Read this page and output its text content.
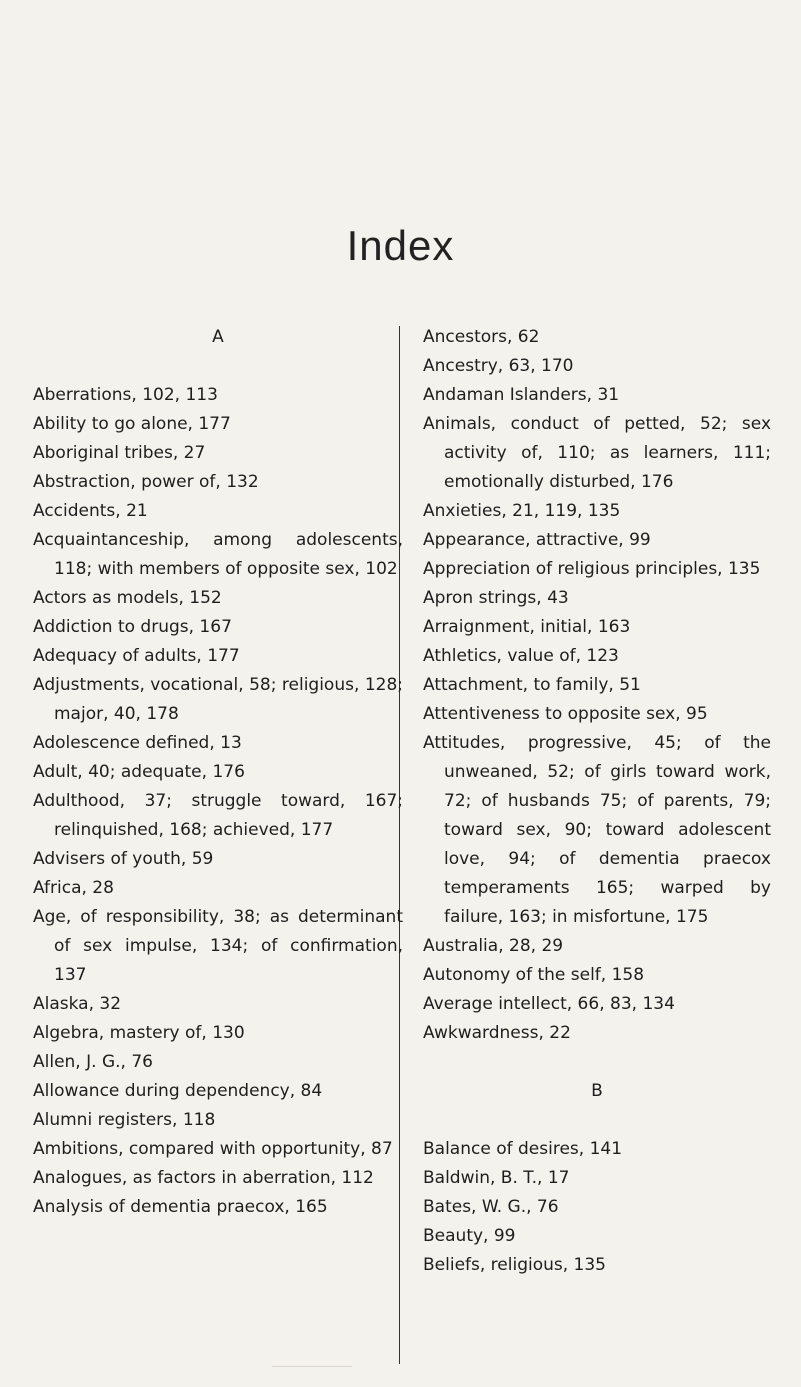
Index
A
Aberrations, 102, 113
Ability to go alone, 177
Aboriginal tribes, 27
Abstraction, power of, 132
Accidents, 21
Acquaintanceship, among adolescents, 118; with members of opposite sex, 102
Actors as models, 152
Addiction to drugs, 167
Adequacy of adults, 177
Adjustments, vocational, 58; religious, 128; major, 40, 178
Adolescence defined, 13
Adult, 40; adequate, 176
Adulthood, 37; struggle toward, 167; relinquished, 168; achieved, 177
Advisers of youth, 59
Africa, 28
Age, of responsibility, 38; as determinant of sex impulse, 134; of confirmation, 137
Alaska, 32
Algebra, mastery of, 130
Allen, J. G., 76
Allowance during dependency, 84
Alumni registers, 118
Ambitions, compared with opportunity, 87
Analogues, as factors in aberration, 112
Analysis of dementia praecox, 165
Ancestors, 62
Ancestry, 63, 170
Andaman Islanders, 31
Animals, conduct of petted, 52; sex activity of, 110; as learners, 111; emotionally disturbed, 176
Anxieties, 21, 119, 135
Appearance, attractive, 99
Appreciation of religious principles, 135
Apron strings, 43
Arraignment, initial, 163
Athletics, value of, 123
Attachment, to family, 51
Attentiveness to opposite sex, 95
Attitudes, progressive, 45; of the unweaned, 52; of girls toward work, 72; of husbands 75; of parents, 79; toward sex, 90; toward adolescent love, 94; of dementia praecox temperaments 165; warped by failure, 163; in misfortune, 175
Australia, 28, 29
Autonomy of the self, 158
Average intellect, 66, 83, 134
Awkwardness, 22
B
Balance of desires, 141
Baldwin, B. T., 17
Bates, W. G., 76
Beauty, 99
Beliefs, religious, 135
